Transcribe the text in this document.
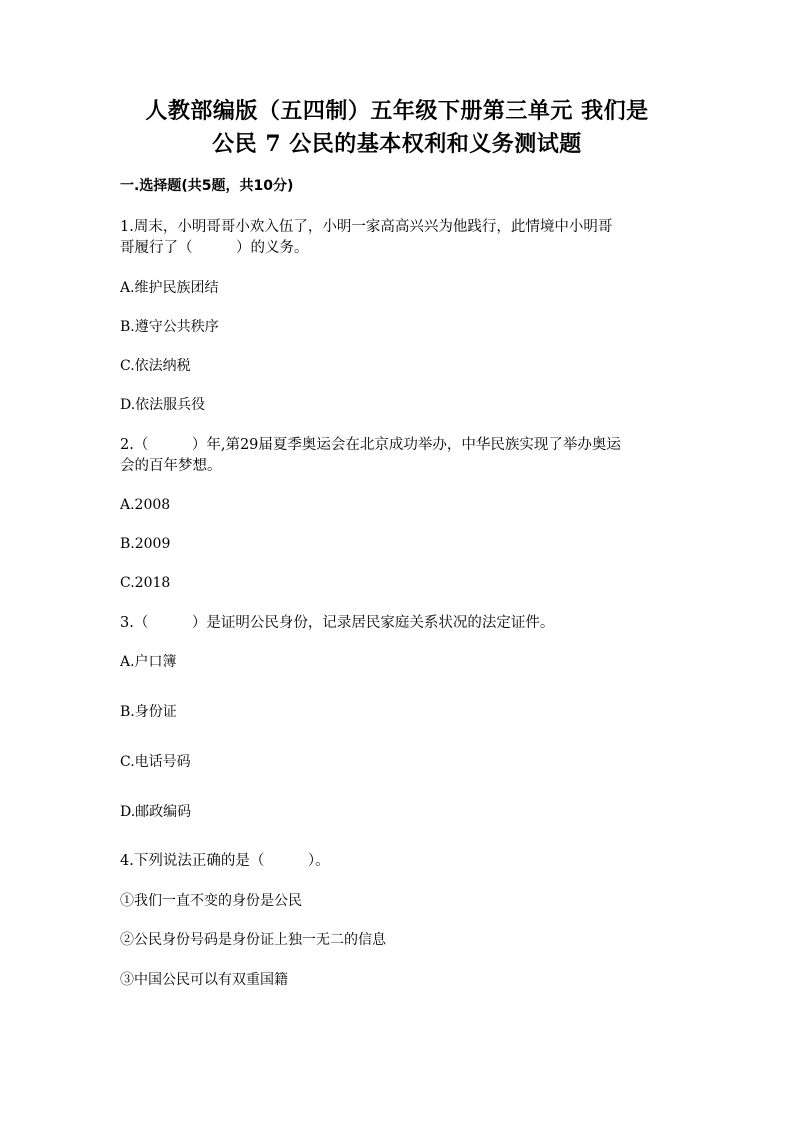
人教部编版（五四制）五年级下册第三单元 我们是
公民 7 公民的基本权利和义务测试题
一.选择题(共5题，共10分)
1.周末，小明哥哥小欢入伍了，小明一家高高兴兴为他践行，此情境中小明哥
哥履行了（　　　）的义务。
A.维护民族团结
B.遵守公共秩序
C.依法纳税
D.依法服兵役
2.（　　　）年,第29届夏季奥运会在北京成功举办，中华民族实现了举办奥运
会的百年梦想。
A.2008
B.2009
C.2018
3.（　　　）是证明公民身份，记录居民家庭关系状况的法定证件。
A.户口簿
B.身份证
C.电话号码
D.邮政编码
4.下列说法正确的是（　　　）。
①我们一直不变的身份是公民
②公民身份号码是身份证上独一无二的信息
③中国公民可以有双重国籍
